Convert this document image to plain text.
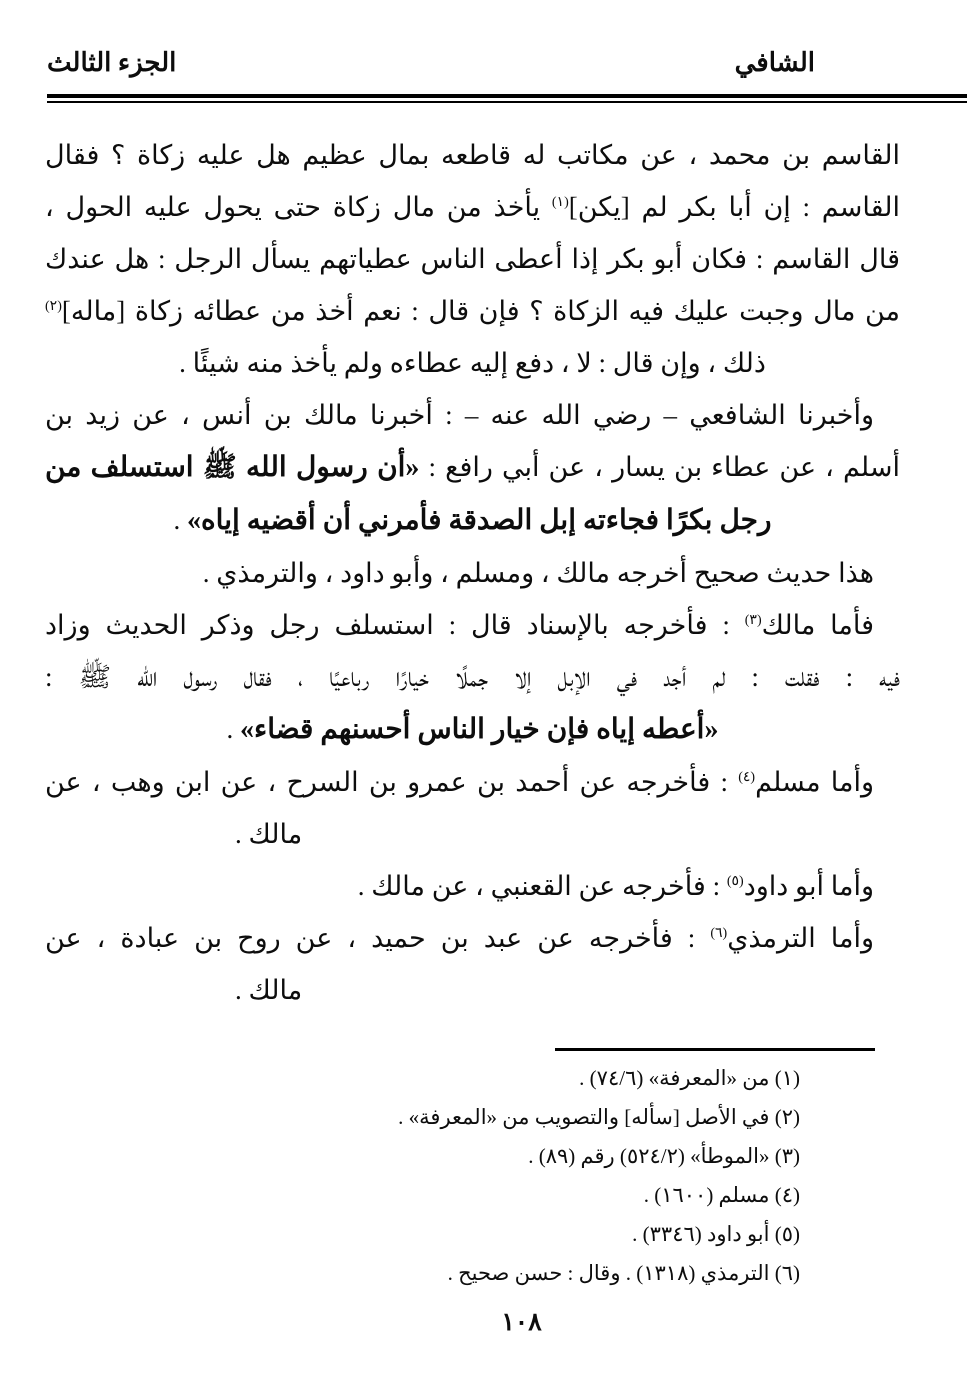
الشافي
الجزء الثالث
القاسم بن محمد ، عن مكاتب له قاطعه بمال عظيم هل عليه زكاة ؟ فقال
القاسم : إن أبا بكر لم [يكن]$^{(١)}$ يأخذ من مال زكاة حتى يحول عليه الحول ،
قال القاسم : فكان أبو بكر إذا أعطى الناس عطياتهم يسأل الرجل : هل عندك
من مال وجبت عليك فيه الزكاة ؟ فإن قال : نعم أخذ من عطائه زكاة [ماله]$^{(٢)}$
ذلك ، وإن قال : لا ، دفع إليه عطاءه ولم يأخذ منه شيئًا .
وأخبرنا الشافعي – رضي الله عنه – : أخبرنا مالك بن أنس ، عن زيد بن
أسلم ، عن عطاء بن يسار ، عن أبي رافع : «أن رسول الله ﷺ استسلف من
رجل بكرًا فجاءته إبل الصدقة فأمرني أن أقضيه إياه» .
هذا حديث صحيح أخرجه مالك ، ومسلم ، وأبو داود ، والترمذي .
فأما مالك$^{(٣)}$ : فأخرجه بالإسناد قال : استسلف رجل وذكر الحديث وزاد
فيه : فقلت : لم أجد في الإبل إلا جملًا خيارًا رباعيًا ، فقال رسول الله ﷺ :
«أعطه إياه فإن خيار الناس أحسنهم قضاء» .
وأما مسلم$^{(٤)}$ : فأخرجه عن أحمد بن عمرو بن السرح ، عن ابن وهب ، عن
مالك .
وأما أبو داود$^{(٥)}$ : فأخرجه عن القعنبي ، عن مالك .
وأما الترمذي$^{(٦)}$ : فأخرجه عن عبد بن حميد ، عن روح بن عبادة ، عن
مالك .
(١) من «المعرفة» (٧٤/٦) .
(٢) في الأصل [سأله] والتصويب من «المعرفة» .
(٣) «الموطأ» (٥٢٤/٢) رقم (٨٩) .
(٤) مسلم (١٦٠٠) .
(٥) أبو داود (٣٣٤٦) .
(٦) الترمذي (١٣١٨) . وقال : حسن صحيح .
١٠٨
